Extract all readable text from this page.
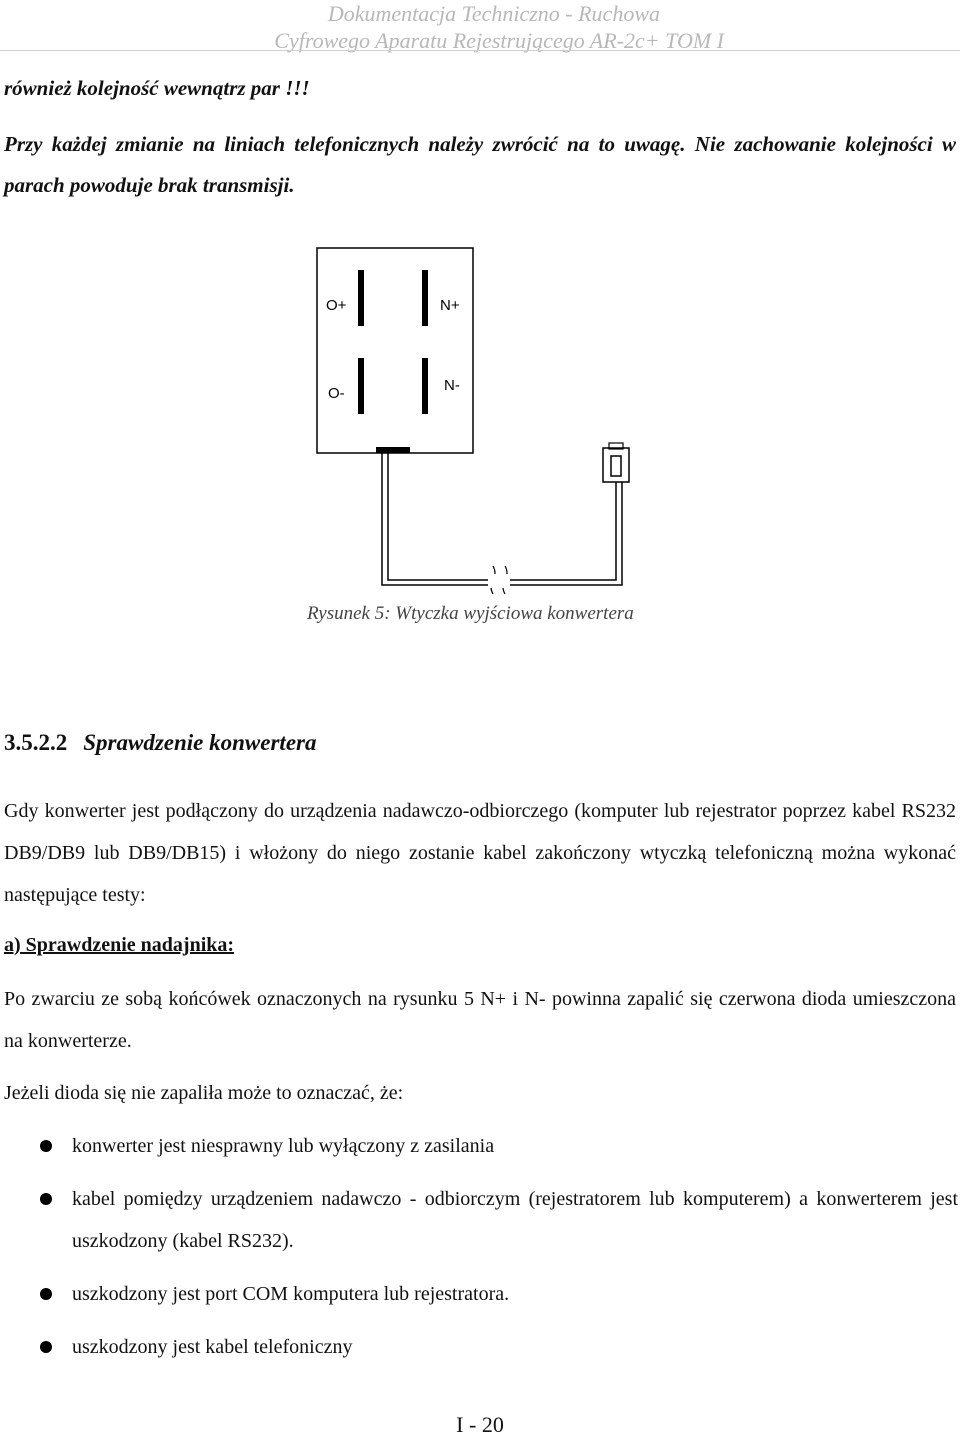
Dokumentacja Techniczno - Ruchowa
Cyfrowego Aparatu Rejestrującego AR-2c+ TOM I
również kolejność wewnątrz par !!!
Przy każdej zmianie na liniach telefonicznych należy zwrócić na to uwagę. Nie zachowanie kolejności w parach powoduje brak transmisji.
O+	N+
O-	N-
Rysunek 5: Wtyczka wyjściowa konwertera
3.5.2.2 Sprawdzenie konwertera
Gdy konwerter jest podłączony do urządzenia nadawczo-odbiorczego (komputer lub rejestrator poprzez kabel RS232 DB9/DB9 lub DB9/DB15) i włożony do niego zostanie kabel zakończony wtyczką telefoniczną można wykonać następujące testy:
a) Sprawdzenie nadajnika:
Po zwarciu ze sobą końcówek oznaczonych na rysunku 5 N+ i N- powinna zapalić się czerwona dioda umieszczona na konwerterze.
Jeżeli dioda się nie zapaliła może to oznaczać, że:
konwerter jest niesprawny lub wyłączony z zasilania
kabel pomiędzy urządzeniem nadawczo - odbiorczym (rejestratorem lub komputerem) a konwerterem jest uszkodzony (kabel RS232).
uszkodzony jest port COM komputera lub rejestratora.
uszkodzony jest kabel telefoniczny
I - 20
